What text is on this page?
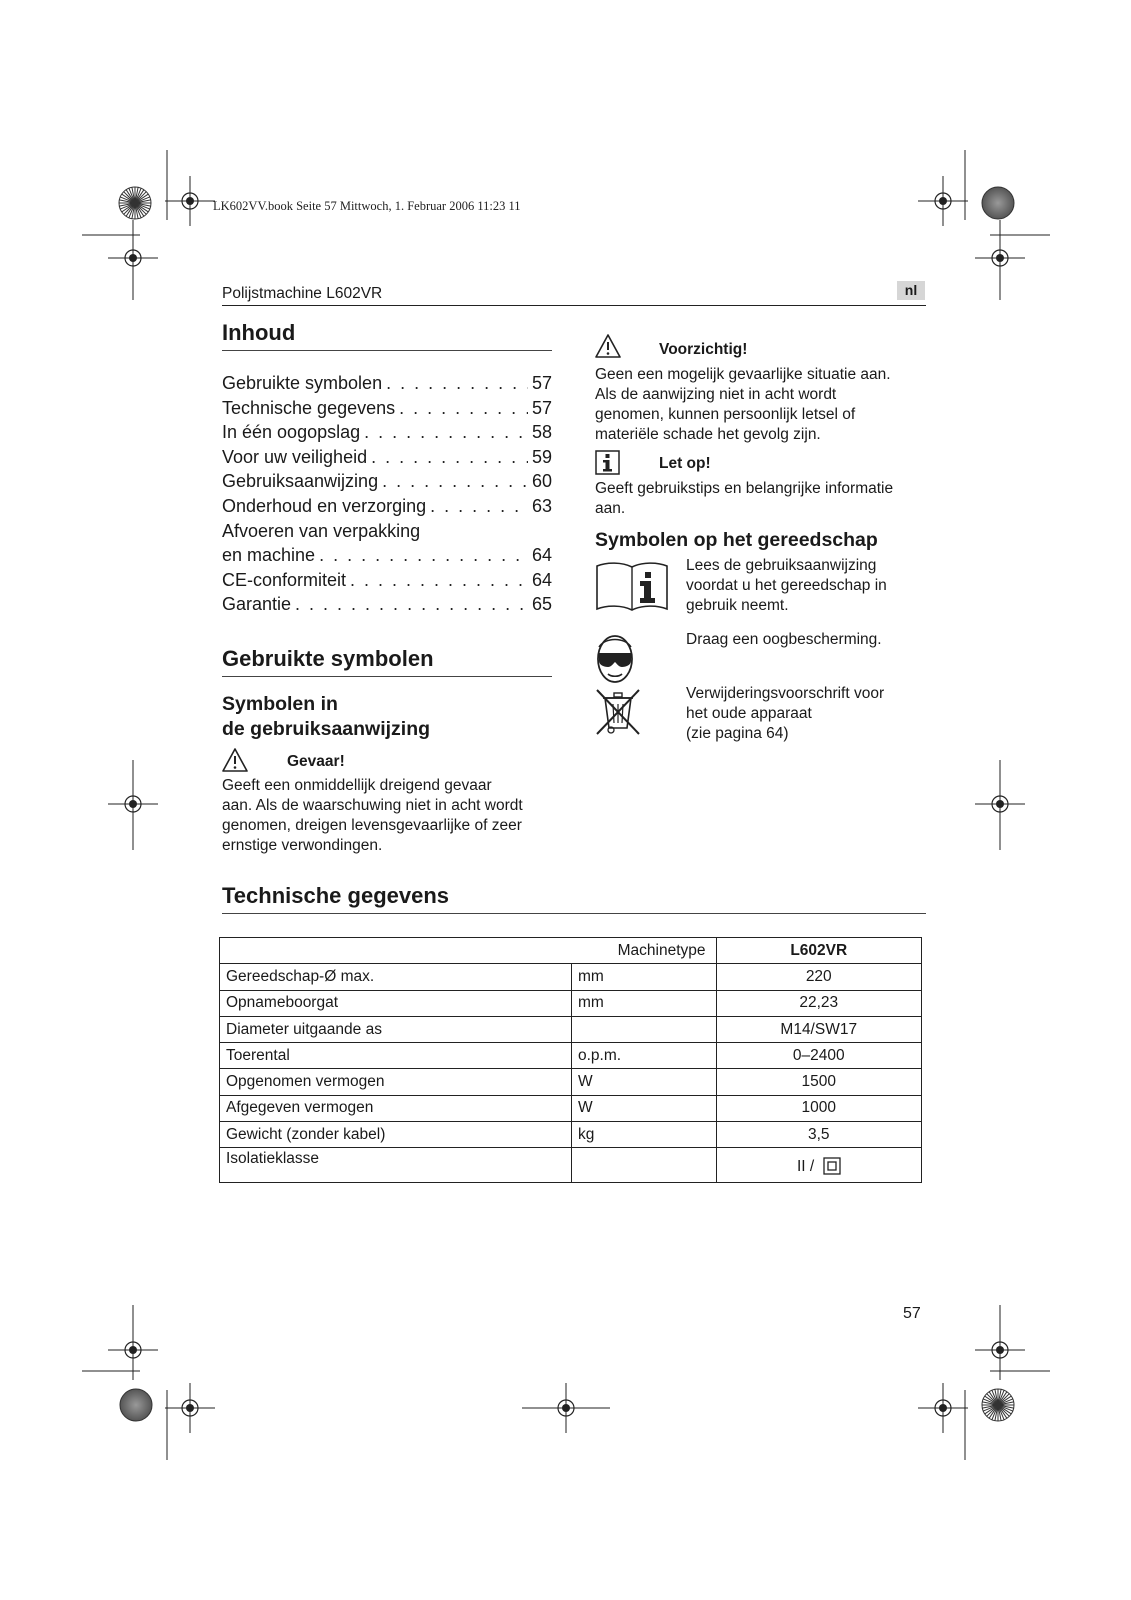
LK602VV.book Seite 57 Mittwoch, 1. Februar 2006 11:23 11
Polijstmachine L602VR	nl
Inhoud
Gebruikte symbolen . . .	57
Technische gegevens . . .	57
In één oogopslag . . .	58
Voor uw veiligheid . . .	59
Gebruiksaanwijzing . . .	60
Onderhoud en verzorging . . .	63
Afvoeren van verpakking
en machine . . .	64
CE-conformiteit . . .	64
Garantie . . .	65
Gebruikte symbolen
Symbolen in
de gebruiksaanwijzing
Gevaar!
Geeft een onmiddellijk dreigend gevaar
aan. Als de waarschuwing niet in acht wordt
genomen, dreigen levensgevaarlijke of zeer
ernstige verwondingen.
Voorzichtig!
Geen een mogelijk gevaarlijke situatie aan.
Als de aanwijzing niet in acht wordt
genomen, kunnen persoonlijk letsel of
materiële schade het gevolg zijn.
Let op!
Geeft gebruikstips en belangrijke informatie
aan.
Symbolen op het gereedschap
Lees de gebruiksaanwijzing
voordat u het gereedschap in
gebruik neemt.
Draag een oogbescherming.
Verwijderingsvoorschrift voor
het oude apparaat
(zie pagina 64)
Technische gegevens
	Machinetype	L602VR
Gereedschap-Ø max.	mm	220
Opnameboorgat	mm	22,23
Diameter uitgaande as		M14/SW17
Toerental	o.p.m.	0–2400
Opgenomen vermogen	W	1500
Afgegeven vermogen	W	1000
Gewicht (zonder kabel)	kg	3,5
Isolatieklasse		II /
57
